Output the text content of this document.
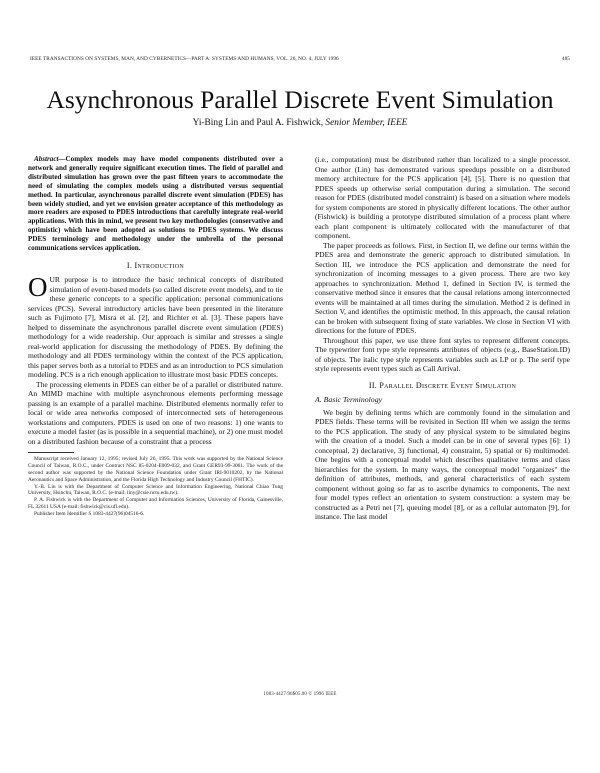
IEEE TRANSACTIONS ON SYSTEMS, MAN, AND CYBERNETICS—PART A: SYSTEMS AND HUMANS, VOL. 26, NO. 4, JULY 1996	485
Asynchronous Parallel Discrete Event Simulation
Yi-Bing Lin and Paul A. Fishwick, Senior Member, IEEE

Abstract—Complex models may have model components distributed over a network and generally require significant execution times. The field of parallel and distributed simulation has grown over the past fifteen years to accommodate the need of simulating the complex models using a distributed versus sequential method. In particular, asynchronous parallel discrete event simulation (PDES) has been widely studied, and yet we envision greater acceptance of this methodology as more readers are exposed to PDES introductions that carefully integrate real-world applications. With this in mind, we present two key methodologies (conservative and optimistic) which have been adopted as solutions to PDES systems. We discuss PDES terminology and methodology under the umbrella of the personal communications services application.

I. Introduction

OUR purpose is to introduce the basic technical concepts of distributed simulation of event-based models (so called discrete event models), and to tie these generic concepts to a specific application: personal communications services (PCS). Several introductory articles have been presented in the literature such as Fujimoto [7], Misra et al. [2], and Richter et al. [3]. These papers have helped to disseminate the asynchronous parallel discrete event simulation (PDES) methodology for a wide readership. Our approach is similar and stresses a single real-world application for discussing the methodology of PDES. By defining the methodology and all PDES terminology within the context of the PCS application, this paper serves both as a tutorial to PDES and as an introduction to PCS simulation modeling. PCS is a rich enough application to illustrate most basic PDES concepts.

The processing elements in PDES can either be of a parallel or distributed nature. An MIMD machine with multiple asynchronous elements performing message passing is an example of a parallel machine. Distributed elements normally refer to local or wide area networks composed of interconnected sets of heterogeneous workstations and computers. PDES is used on one of two reasons: 1) one wants to execute a model faster (as is possible in a sequential machine), or 2) one must model on a distributed fashion because of a constraint that a process

Manuscript received January 12, 1995; revised July 26, 1995. This work was supported by the National Science Council of Taiwan, R.O.C., under Contract NSC 85-0204-E009-032, and Grant GER93-99-3061. The work of the second author was supported by the National Science Foundation under Grant IRI-9010202, by the National Aeronautics and Space Administration, and the Florida High Technology and Industry Council (FHTIC).

Y.-B. Lin is with the Department of Computer Science and Information Engineering, National Chiao Tung University, Hsinchu, Taiwan, R.O.C. (e-mail: liny@csie.nctu.edu.tw).

P. A. Fishwick is with the Department of Computer and Information Sciences, University of Florida, Gainesville, FL 32611 USA (e-mail: fishwick@cis.ufl.edu).

Publisher Item Identifier S 1083-4427(96)04516-6.

(i.e., computation) must be distributed rather than localized to a single processor. One author (Lin) has demonstrated various speedups possible on a distributed memory architecture for the PCS application [4], [5]. There is no question that PDES speeds up otherwise serial computation during a simulation. The second reason for PDES (distributed model constraint) is based on a situation where models for system components are stored in physically different locations. The other author (Fishwick) is building a prototype distributed simulation of a process plant where each plant component is ultimately collocated with the manufacturer of that component.

The paper proceeds as follows. First, in Section II, we define our terms within the PDES area and demonstrate the generic approach to distributed simulation. In Section III, we introduce the PCS application and demonstrate the need for synchronization of incoming messages to a given process. There are two key approaches to synchronization. Method 1, defined in Section IV, is termed the conservative method since it ensures that the causal relations among interconnected events will be maintained at all times during the simulation. Method 2 is defined in Section V, and identifies the optimistic method. In this approach, the causal relation can be broken with subsequent fixing of state variables. We close in Section VI with directions for the future of PDES.

Throughout this paper, we use three font styles to represent different concepts. The typewriter font type style represents attributes of objects (e.g., BaseStation.ID) of objects. The italic type style represents variables such as LP or p. The serif type style represents event types such as Call Arrival.

II. Parallel Discrete Event Simulation
A. Basic Terminology

We begin by defining terms which are commonly found in the simulation and PDES fields. These terms will be revisited in Section III when we assign the terms to the PCS application. The study of any physical system to be simulated begins with the creation of a model. Such a model can be in one of several types [6]: 1) conceptual, 2) declarative, 3) functional, 4) constraint, 5) spatial or 6) multimodel. One begins with a conceptual model which describes qualitative terms and class hierarchies for the system. In many ways, the conceptual model "organizes" the definition of attributes, methods, and general characteristics of each system component without going so far as to ascribe dynamics to components. The next four model types reflect an orientation to system construction: a system may be constructed as a Petri net [7], queuing model [8], or as a cellular automaton [9], for instance. The last model

1083-4427/96$05.00 © 1996 IEEE
